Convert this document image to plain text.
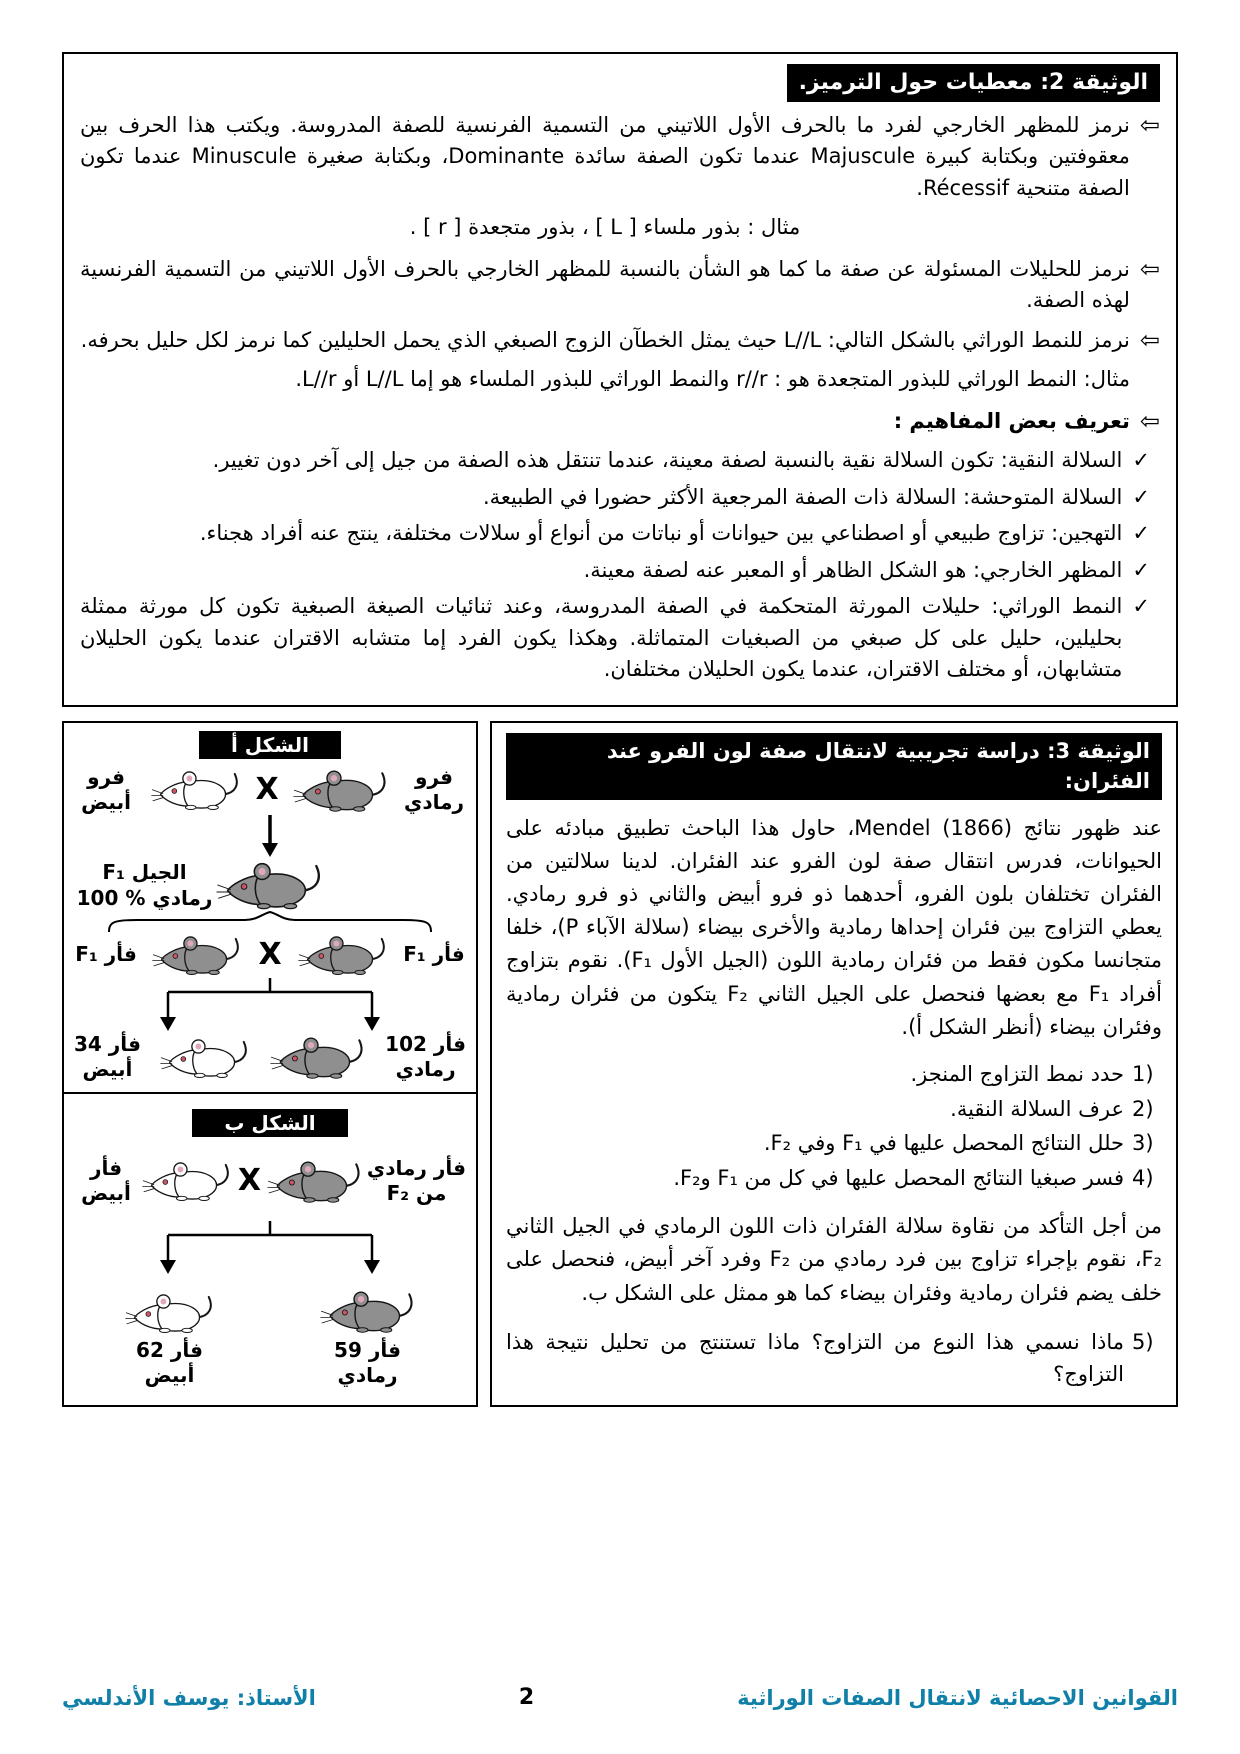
الوثيقة 2: معطيات حول الترميز.
⇦

نرمز للمظهر الخارجي لفرد ما بالحرف الأول اللاتيني من التسمية الفرنسية للصفة المدروسة. ويكتب هذا الحرف بين معقوفتين وبكتابة كبيرة Majuscule عندما تكون الصفة سائدة Dominante، وبكتابة صغيرة Minuscule عندما تكون الصفة متنحية Récessif.

مثال : بذور ملساء [ L ] ، بذور متجعدة [ r ] .

⇦

نرمز للحليلات المسئولة عن صفة ما كما هو الشأن بالنسبة للمظهر الخارجي بالحرف الأول اللاتيني من التسمية الفرنسية لهذه الصفة.

⇦

نرمز للنمط الوراثي بالشكل التالي: L//L حيث يمثل الخطآن الزوج الصبغي الذي يحمل الحليلين كما نرمز لكل حليل بحرفه.

مثال: النمط الوراثي للبذور المتجعدة هو : r//r والنمط الوراثي للبذور الملساء هو إما L//L أو L//r.

⇦

تعريف بعض المفاهيم :

✓

السلالة النقية: تكون السلالة نقية بالنسبة لصفة معينة، عندما تنتقل هذه الصفة من جيل إلى آخر دون تغيير.

✓

السلالة المتوحشة: السلالة ذات الصفة المرجعية الأكثر حضورا في الطبيعة.

✓

التهجين: تزاوج طبيعي أو اصطناعي بين حيوانات أو نباتات من أنواع أو سلالات مختلفة، ينتج عنه أفراد هجناء.

✓

المظهر الخارجي: هو الشكل الظاهر أو المعبر عنه لصفة معينة.

✓

النمط الوراثي: حليلات المورثة المتحكمة في الصفة المدروسة، وعند ثنائيات الصيغة الصبغية تكون كل مورثة ممثلة بحليلين، حليل على كل صبغي من الصبغيات المتماثلة. وهكذا يكون الفرد إما متشابه الاقتران عندما يكون الحليلان متشابهان، أو مختلف الاقتران، عندما يكون الحليلان مختلفان.

الوثيقة 3: دراسة تجريبية لانتقال صفة لون الفرو عند الفئران:

عند ظهور نتائج Mendel (1866)، حاول هذا الباحث تطبيق مبادئه على الحيوانات، فدرس انتقال صفة لون الفرو عند الفئران. لدينا سلالتين من الفئران تختلفان بلون الفرو، أحدهما ذو فرو أبيض والثاني ذو فرو رمادي. يعطي التزاوج بين فئران إحداها رمادية والأخرى بيضاء (سلالة الآباء P)، خلفا متجانسا مكون فقط من فئران رمادية اللون (الجيل الأول F₁). نقوم بتزاوج أفراد F₁ مع بعضها فنحصل على الجيل الثاني F₂ يتكون من فئران رمادية وفئران بيضاء (أنظر الشكل أ).

1)
حدد نمط التزاوج المنجز.
2)
عرف السلالة النقية.
3)
حلل النتائج المحصل عليها في F₁ وفي F₂.
4)
فسر صبغيا النتائج المحصل عليها في كل من F₁ وF₂.

من أجل التأكد من نقاوة سلالة الفئران ذات اللون الرمادي في الجيل الثاني F₂، نقوم بإجراء تزاوج بين فرد رمادي من F₂ وفرد آخر أبيض، فنحصل على خلف يضم فئران رمادية وفئران بيضاء كما هو ممثل على الشكل ب.

5)
ماذا نسمي هذا النوع من التزاوج؟ ماذا تستنتج من تحليل نتيجة هذا التزاوج؟
الشكل أ
فرو
رمادي
X
فرو
أبيض
الجيل F₁
100 % رمادي
فأر F₁
X
فأر F₁
102 فأر
رمادي
34 فأر
أبيض
الشكل ب
فأر رمادي
من F₂
X
فأر
أبيض
59 فأر
رمادي
62 فأر
أبيض
القوانين الاحصائية لانتقال الصفات الوراثية
2
الأستاذ: يوسف الأندلسي
